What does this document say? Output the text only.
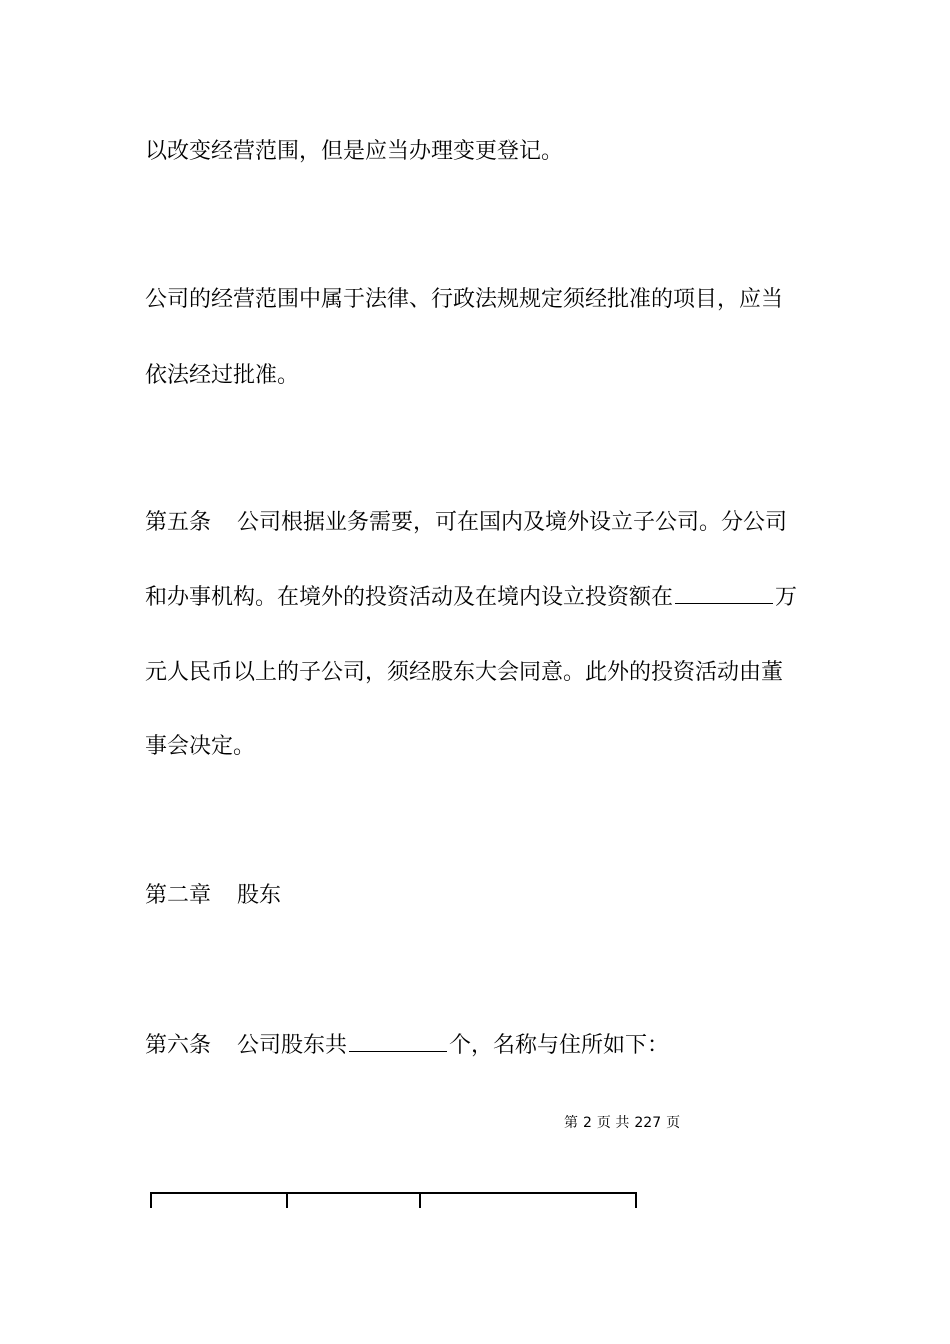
以改变经营范围，但是应当办理变更登记。
公司的经营范围中属于法律、行政法规规定须经批准的项目，应当
依法经过批准。
第五条 公司根据业务需要，可在国内及境外设立子公司。分公司
和办事机构。在境外的投资活动及在境内设立投资额在	万
元人民币以上的子公司，须经股东大会同意。此外的投资活动由董
事会决定。
第二章 股东
第六条 公司股东共	个，名称与住所如下：
第 2 页 共 227 页
